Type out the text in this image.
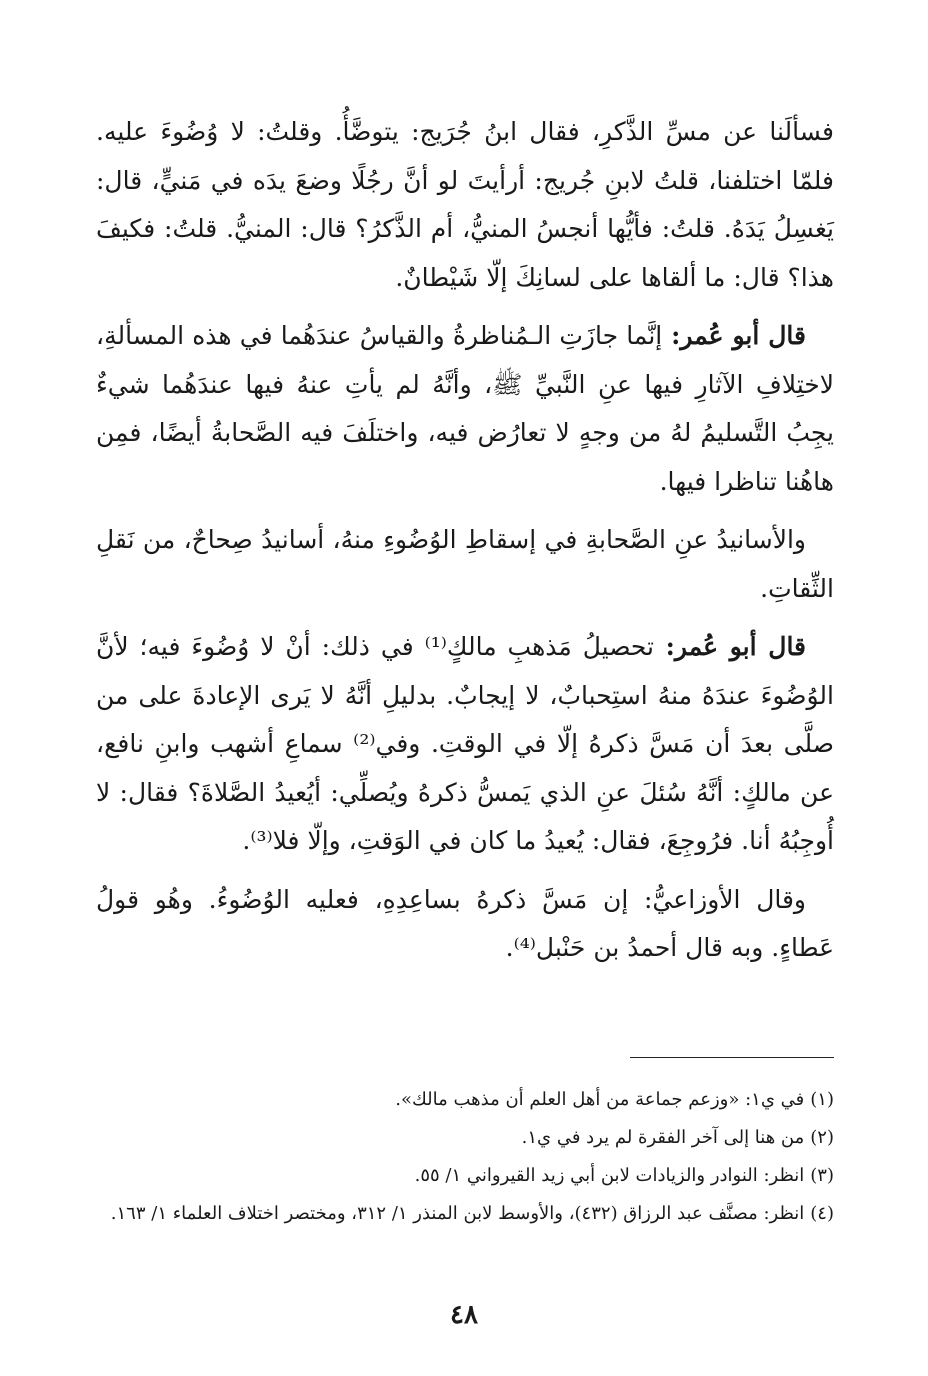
فسألَنا عن مسِّ الذَّكرِ، فقال ابنُ جُرَيج: يتوضَّأُ. وقلتُ: لا وُضُوءَ عليه. فلمّا اختلفنا، قلتُ لابنِ جُريج: أرأيتَ لو أنَّ رجُلًا وضعَ يدَه في مَنيٍّ، قال: يَغسِلُ يَدَهُ. قلتُ: فأيُّها أنجسُ المنيُّ، أم الذَّكرُ؟ قال: المنيُّ. قلتُ: فكيفَ هذا؟ قال: ما ألقاها على لسانِكَ إلّا شَيْطانٌ.

قال أبو عُمر: إنَّما جازَتِ الـمُناظرةُ والقياسُ عندَهُما في هذه المسألةِ، لاختِلافِ الآثارِ فيها عنِ النَّبيِّ ﷺ، وأنَّهُ لم يأتِ عنهُ فيها عندَهُما شيءٌ يجِبُ التَّسليمُ لهُ من وجهٍ لا تعارُض فيه، واختلَفَ فيه الصَّحابةُ أيضًا، فمِن هاهُنا تناظرا فيها.

والأسانيدُ عنِ الصَّحابةِ في إسقاطِ الوُضُوءِ منهُ، أسانيدُ صِحاحٌ، من نَقلِ الثِّقاتِ.

قال أبو عُمر: تحصيلُ مَذهبِ مالكٍ⁽¹⁾ في ذلك: أنْ لا وُضُوءَ فيه؛ لأنَّ الوُضُوءَ عندَهُ منهُ استِحبابٌ، لا إيجابٌ. بدليلِ أنَّهُ لا يَرى الإعادةَ على من صلَّى بعدَ أن مَسَّ ذكرهُ إلّا في الوقتِ. وفي⁽²⁾ سماعِ أشهب وابنِ نافع، عن مالكٍ: أنَّهُ سُئلَ عنِ الذي يَمسُّ ذكرهُ ويُصلِّي: أيُعيدُ الصَّلاةَ؟ فقال: لا أُوجِبُهُ أنا. فرُوجِعَ، فقال: يُعيدُ ما كان في الوَقتِ، وإلّا فلا⁽³⁾.

وقال الأوزاعيُّ: إن مَسَّ ذكرهُ بساعِدِهِ، فعليه الوُضُوءُ. وهُو قولُ عَطاءٍ. وبه قال أحمدُ بن حَنْبل⁽⁴⁾.

(١)في ي١: «وزعم جماعة من أهل العلم أن مذهب مالك».

(٢)من هنا إلى آخر الفقرة لم يرد في ي١.

(٣)انظر: النوادر والزيادات لابن أبي زيد القيرواني ١/ ٥٥.

(٤)انظر: مصنَّف عبد الرزاق (٤٣٢)، والأوسط لابن المنذر ١/ ٣١٢، ومختصر اختلاف العلماء ١/ ١٦٣.

٤٨
